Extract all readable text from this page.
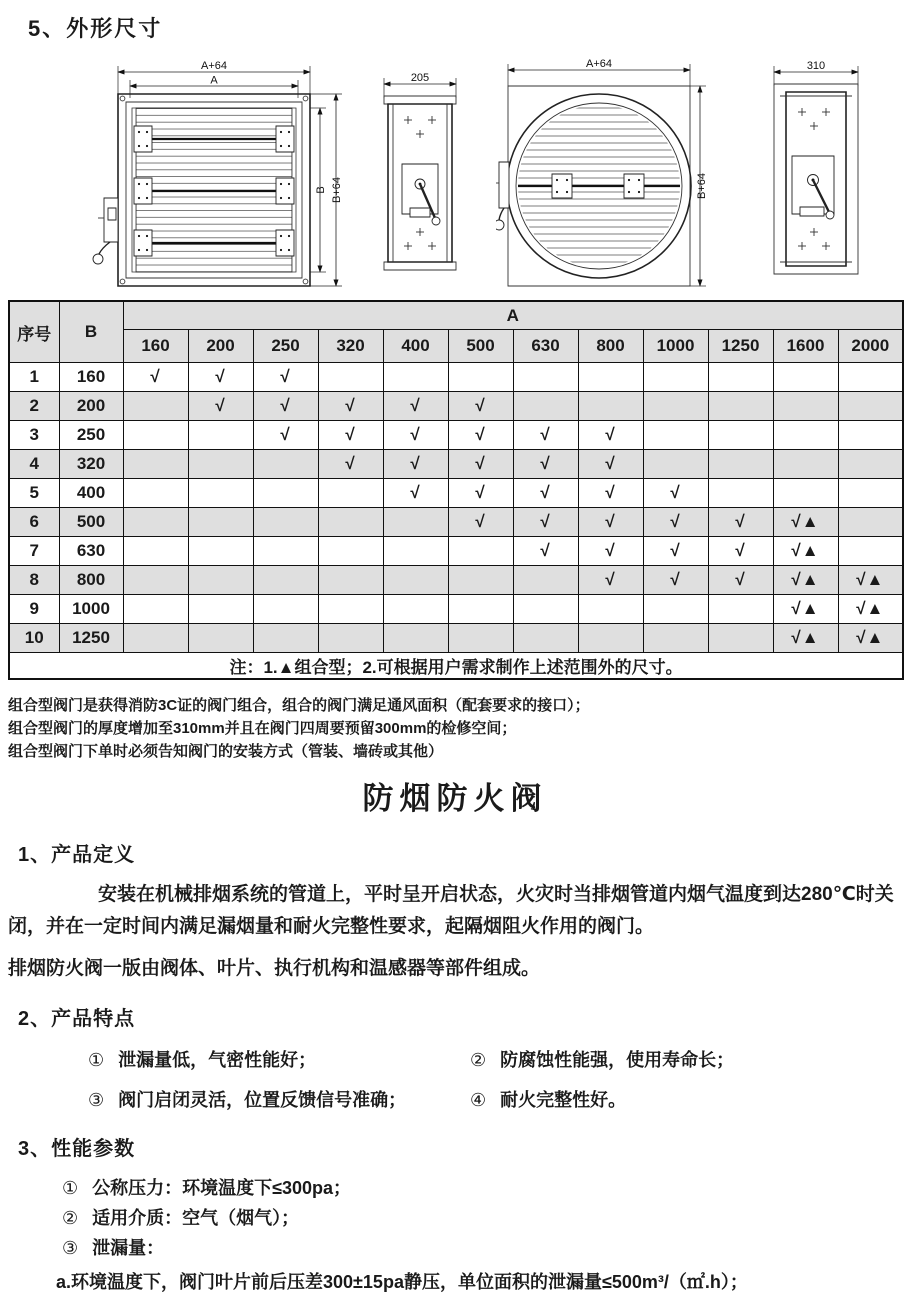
5、外形尺寸
A+64
A
B B+64
205
A+64
B+64
310
序号	B	A											
		160	200	250	320	400	500	630	800	1000	1250	1600	2000
1	160	√	√	√									
2	200		√	√	√	√	√						
3	250			√	√	√	√	√	√				
4	320				√	√	√	√	√				
5	400					√	√	√	√	√			
6	500						√	√	√	√	√	√▲	
7	630							√	√	√	√	√▲	
8	800								√	√	√	√▲	√▲
9	1000											√▲	√▲
10	1250											√▲	√▲
注：1.▲组合型；2.可根据用户需求制作上述范围外的尺寸。													
组合型阀门是获得消防3C证的阀门组合，组合的阀门满足通风面积（配套要求的接口）；
组合型阀门的厚度增加至310mm并且在阀门四周要预留300mm的检修空间；
组合型阀门下单时必须告知阀门的安装方式（管装、墙砖或其他）
防烟防火阀
1、产品定义
安装在机械排烟系统的管道上，平时呈开启状态，火灾时当排烟管道内烟气温度到达280℃时关闭，并在一定时间内满足漏烟量和耐火完整性要求，起隔烟阻火作用的阀门。
排烟防火阀一版由阀体、叶片、执行机构和温感器等部件组成。
2、产品特点
① 泄漏量低，气密性能好；	② 防腐蚀性能强，使用寿命长；
③ 阀门启闭灵活，位置反馈信号准确；	④ 耐火完整性好。
3、性能参数
① 公称压力：环境温度下≤300pa；
② 适用介质：空气（烟气）；
③ 泄漏量：
a.环境温度下，阀门叶片前后压差300±15pa静压，单位面积的泄漏量≤500m³/（㎡.h）；
